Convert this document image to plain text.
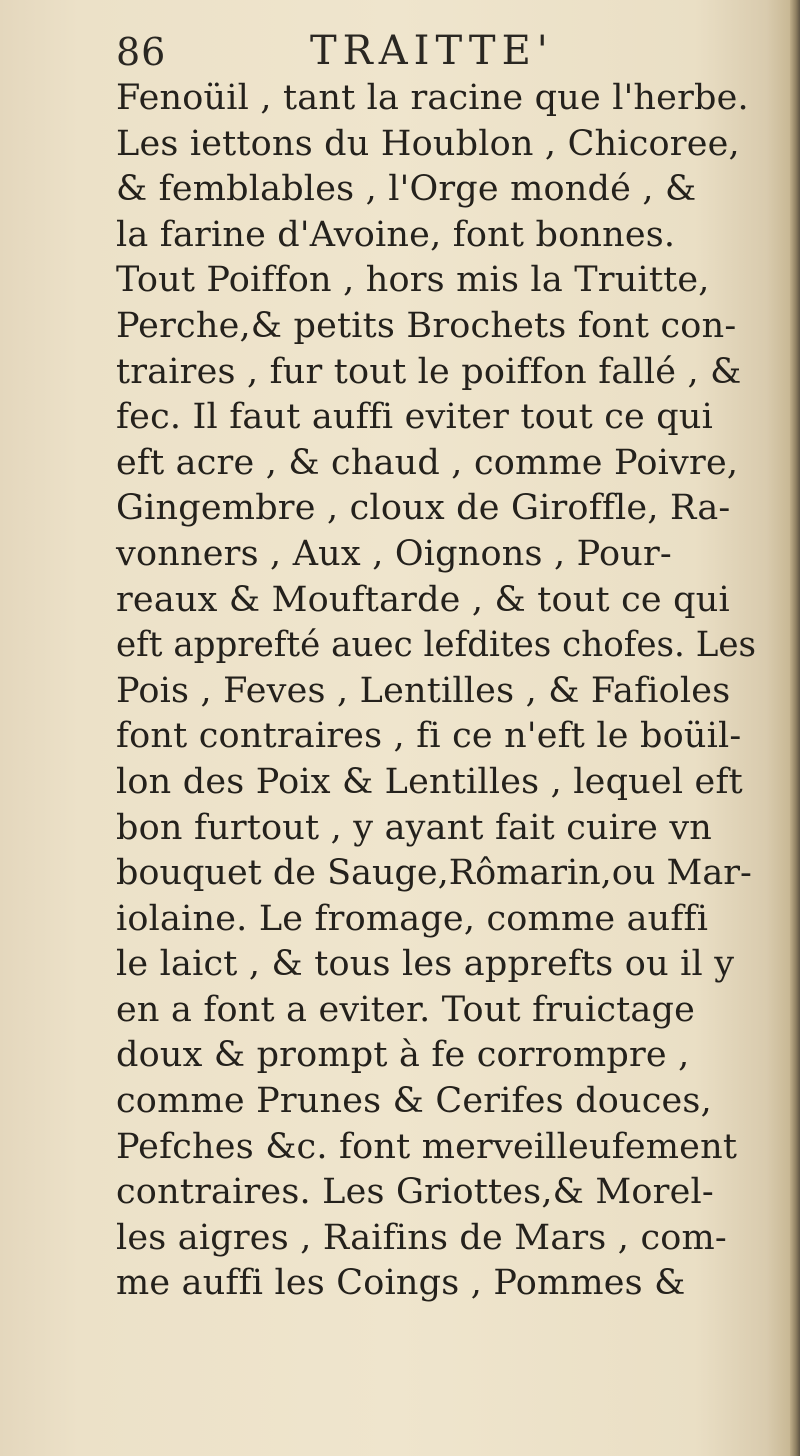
86	TRAITTE'
Fenoüil , tant la racine que l'herbe.
Les iettons du Houblon , Chicoree,
& femblables , l'Orge mondé , &
la farine d'Avoine, font bonnes.
Tout Poiffon , hors mis la Truitte,
Perche,& petits Brochets font con-
traires , fur tout le poiffon fallé , &
fec. Il faut auffi eviter tout ce qui
eft acre , & chaud , comme Poivre,
Gingembre , cloux de Giroffle, Ra-
vonners , Aux , Oignons , Pour-
reaux & Mouftarde , & tout ce qui
eft apprefté auec lefdites chofes. Les
Pois , Feves , Lentilles , & Fafioles
font contraires , fi ce n'eft le boüil-
lon des Poix & Lentilles , lequel eft
bon furtout , y ayant fait cuire vn
bouquet de Sauge,Rômarin,ou Mar-
iolaine. Le fromage, comme auffi
le laict , & tous les apprefts ou il y
en a font a eviter. Tout fruictage
doux & prompt à fe corrompre ,
comme Prunes & Cerifes douces,
Pefches &c. font merveilleufement
contraires. Les Griottes,& Morel-
les aigres , Raifins de Mars , com-
me auffi les Coings , Pommes &
